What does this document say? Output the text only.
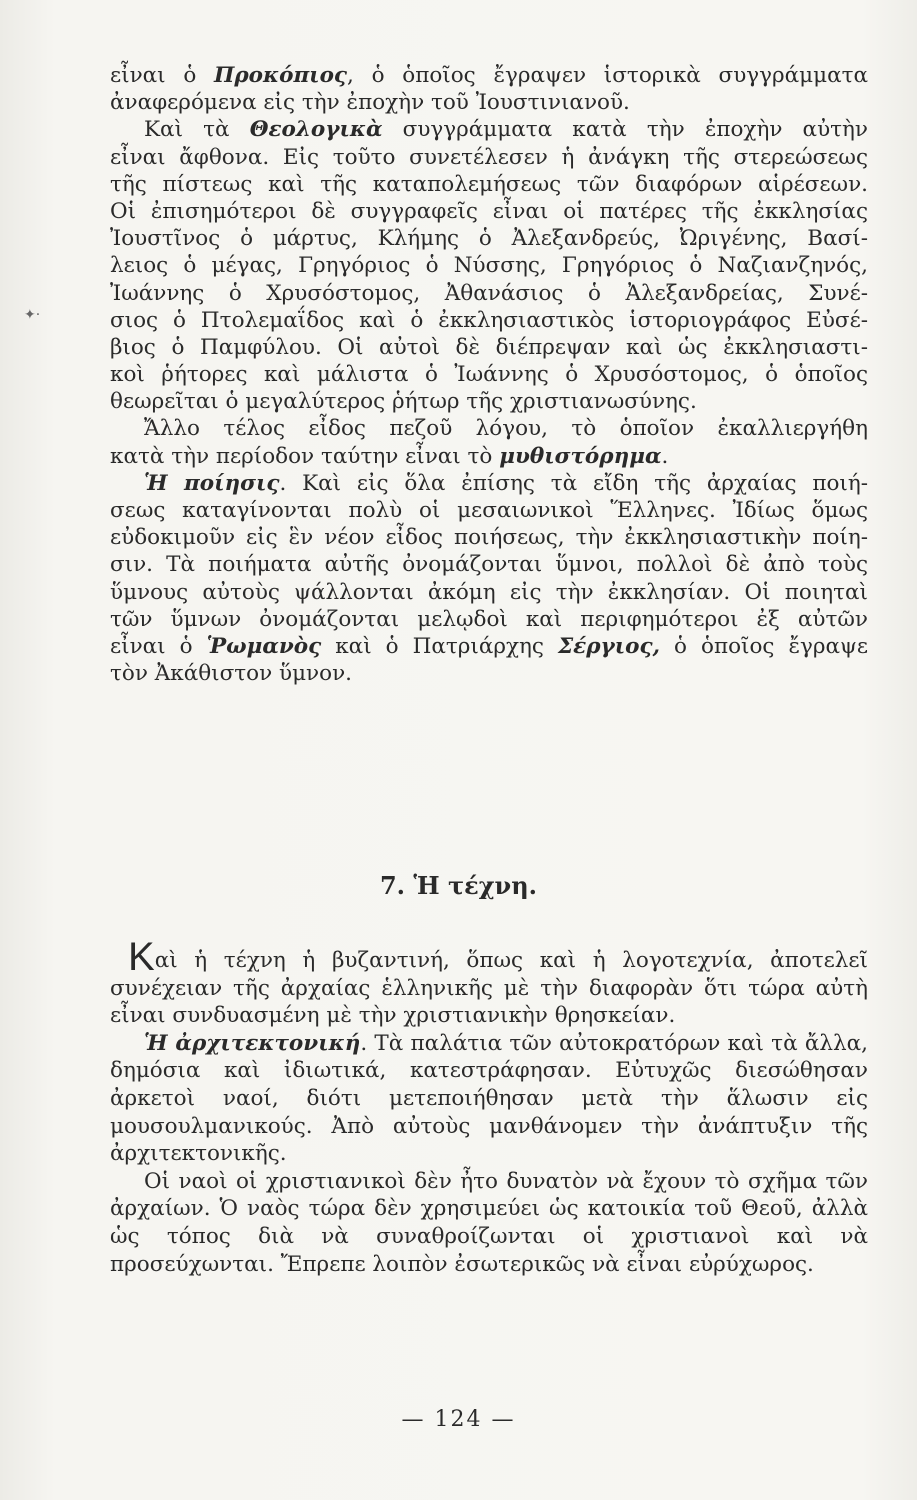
✦·
εἶναι ὁ Προκόπιος, ὁ ὁποῖος ἔγραψεν ἱστορικὰ συγγράμματα
ἀναφερόμενα εἰς τὴν ἐποχὴν τοῦ Ἰουστινιανοῦ.
Καὶ τὰ Θεολογικὰ συγγράμματα κατὰ τὴν ἐποχὴν αὐτὴν
εἶναι ἄφθονα. Εἰς τοῦτο συνετέλεσεν ἡ ἀνάγκη τῆς στερεώσεως
τῆς πίστεως καὶ τῆς καταπολεμήσεως τῶν διαφόρων αἱρέσεων.
Οἱ ἐπισημότεροι δὲ συγγραφεῖς εἶναι οἱ πατέρες τῆς ἐκκλησίας
Ἰουστῖνος ὁ μάρτυς, Κλήμης ὁ Ἀλεξανδρεύς, Ὠριγένης, Βασί-
λειος ὁ μέγας, Γρηγόριος ὁ Νύσσης, Γρηγόριος ὁ Ναζιανζηνός,
Ἰωάννης ὁ Χρυσόστομος, Ἀθανάσιος ὁ Ἀλεξανδρείας, Συνέ-
σιος ὁ Πτολεμαΐδος καὶ ὁ ἐκκλησιαστικὸς ἱστοριογράφος Εὐσέ-
βιος ὁ Παμφύλου. Οἱ αὐτοὶ δὲ διέπρεψαν καὶ ὡς ἐκκλησιαστι-
κοὶ ῥήτορες καὶ μάλιστα ὁ Ἰωάννης ὁ Χρυσόστομος, ὁ ὁποῖος
θεωρεῖται ὁ μεγαλύτερος ῥήτωρ τῆς χριστιανωσύνης.
Ἄλλο τέλος εἶδος πεζοῦ λόγου, τὸ ὁποῖον ἐκαλλιεργήθη
κατὰ τὴν περίοδον ταύτην εἶναι τὸ μυθιστόρημα.
Ἡ ποίησις. Καὶ εἰς ὅλα ἐπίσης τὰ εἴδη τῆς ἀρχαίας ποιή-
σεως καταγίνονται πολὺ οἱ μεσαιωνικοὶ Ἕλληνες. Ἰδίως ὅμως
εὐδοκιμοῦν εἰς ἓν νέον εἶδος ποιήσεως, τὴν ἐκκλησιαστικὴν ποίη-
σιν. Τὰ ποιήματα αὐτῆς ὀνομάζονται ὕμνοι, πολλοὶ δὲ ἀπὸ τοὺς
ὕμνους αὐτοὺς ψάλλονται ἀκόμη εἰς τὴν ἐκκλησίαν. Οἱ ποιηταὶ
τῶν ὕμνων ὀνομάζονται μελῳδοὶ καὶ περιφημότεροι ἐξ αὐτῶν
εἶναι ὁ Ῥωμανὸς καὶ ὁ Πατριάρχης Σέργιος, ὁ ὁποῖος ἔγραψε
τὸν Ἀκάθιστον ὕμνον.
7. Ἡ τέχνη.

Καὶ ἡ τέχνη ἡ βυζαντινή, ὅπως καὶ ἡ λογοτεχνία, ἀποτελεῖ συνέχειαν τῆς ἀρχαίας ἑλληνικῆς μὲ τὴν διαφορὰν ὅτι τώρα αὐτὴ εἶναι συνδυασμένη μὲ τὴν χριστιανικὴν θρησκείαν.

Ἡ ἀρχιτεκτονική. Τὰ παλάτια τῶν αὐτοκρατόρων καὶ τὰ ἄλλα, δημόσια καὶ ἰδιωτικά, κατεστράφησαν. Εὐτυχῶς διεσώθησαν ἀρκετοὶ ναοί, διότι μετεποιήθησαν μετὰ τὴν ἅλωσιν εἰς μουσουλμανικούς. Ἀπὸ αὐτοὺς μανθάνομεν τὴν ἀνάπτυξιν τῆς ἀρχιτεκτονικῆς.

Οἱ ναοὶ οἱ χριστιανικοὶ δὲν ἦτο δυνατὸν νὰ ἔχουν τὸ σχῆμα τῶν ἀρχαίων. Ὁ ναὸς τώρα δὲν χρησιμεύει ὡς κατοικία τοῦ Θεοῦ, ἀλλὰ ὡς τόπος διὰ νὰ συναθροίζωνται οἱ χριστιανοὶ καὶ νὰ προσεύχωνται. Ἔπρεπε λοιπὸν ἐσωτερικῶς νὰ εἶναι εὐρύχωρος.

— 124 —
